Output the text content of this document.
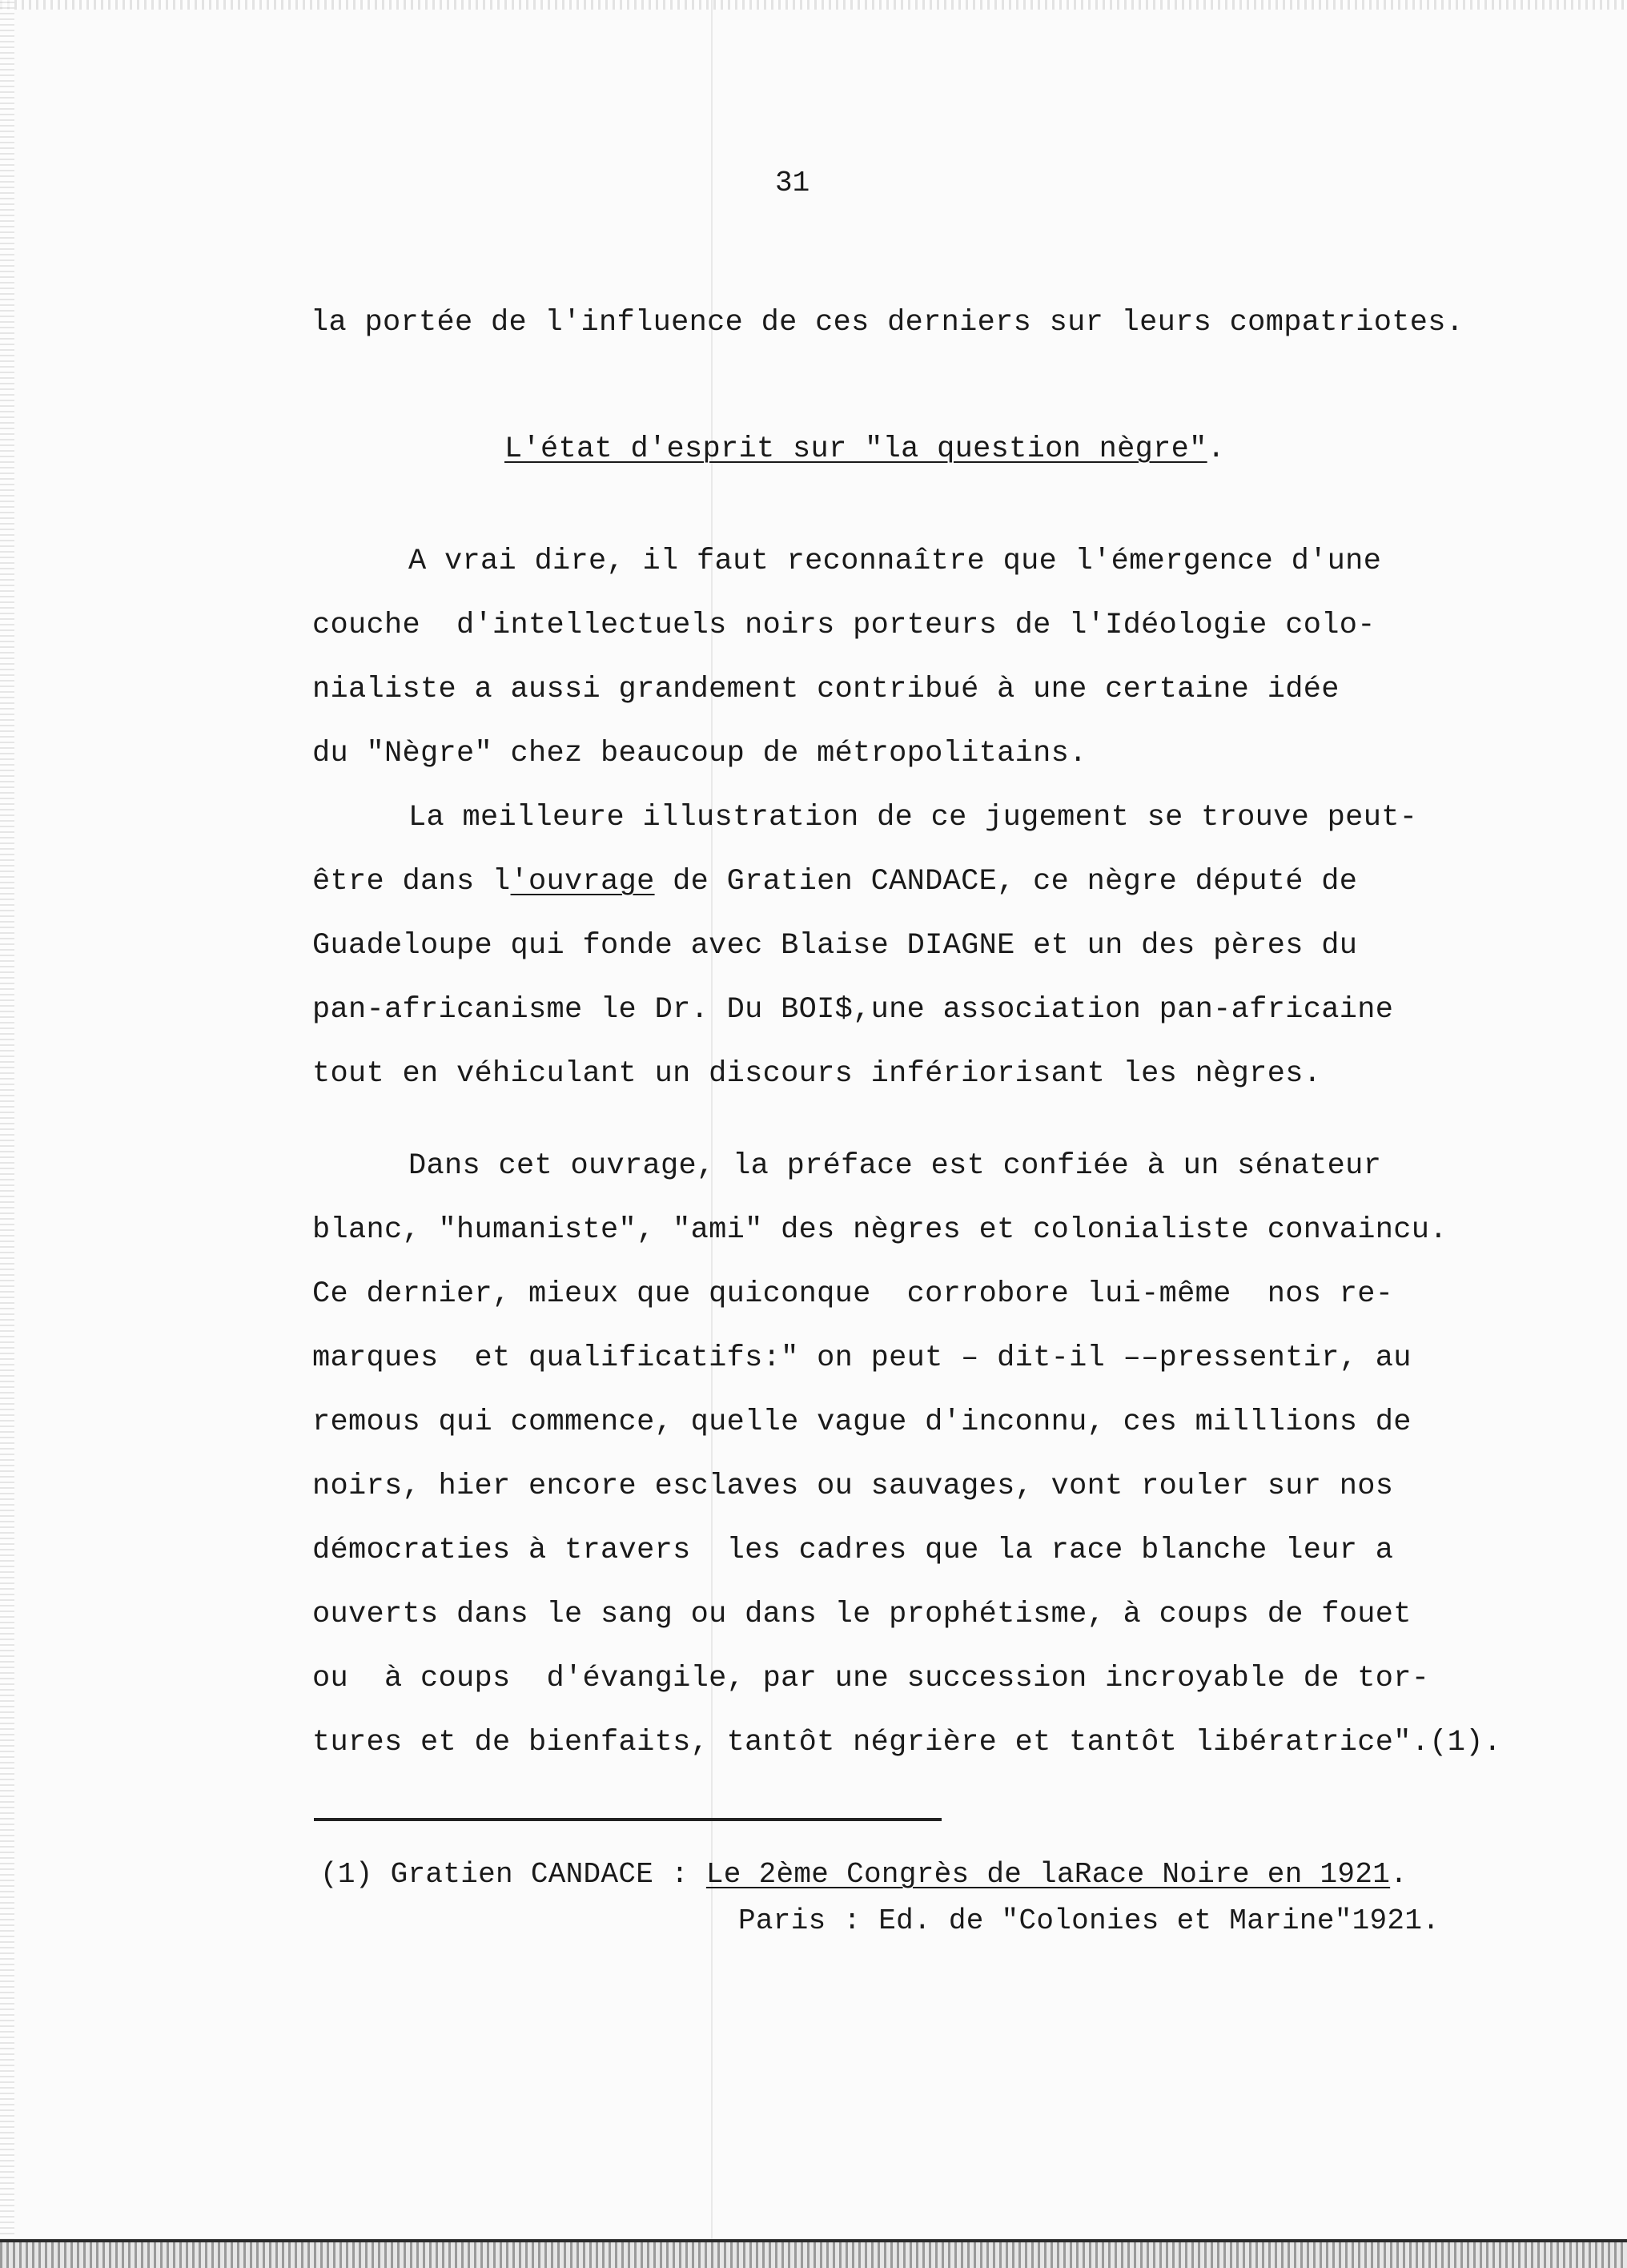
31
la portée de l'influence de ces derniers sur leurs compatriotes.
L'état d'esprit sur "la question nègre".
A vrai dire, il faut reconnaître que l'émergence d'une
couche  d'intellectuels noirs porteurs de l'Idéologie colo-
nialiste a aussi grandement contribué à une certaine idée
du "Nègre" chez beaucoup de métropolitains.
La meilleure illustration de ce jugement se trouve peut-
être dans l'ouvrage de Gratien CANDACE, ce nègre député de
Guadeloupe qui fonde avec Blaise DIAGNE et un des pères du
pan-africanisme le Dr. Du BOI$,une association pan-africaine
tout en véhiculant un discours infériorisant les nègres.
Dans cet ouvrage, la préface est confiée à un sénateur
blanc, "humaniste", "ami" des nègres et colonialiste convaincu.
Ce dernier, mieux que quiconque  corrobore lui-même  nos re-
marques  et qualificatifs:" on peut – dit-il ––pressentir, au
remous qui commence, quelle vague d'inconnu, ces milllions de
noirs, hier encore esclaves ou sauvages, vont rouler sur nos
démocraties à travers  les cadres que la race blanche leur a
ouverts dans le sang ou dans le prophétisme, à coups de fouet
ou  à coups  d'évangile, par une succession incroyable de tor-
tures et de bienfaits, tantôt négrière et tantôt libératrice".(1).
(1) Gratien CANDACE : Le 2ème Congrès de laRace Noire en 1921.
Paris : Ed. de "Colonies et Marine"1921.
